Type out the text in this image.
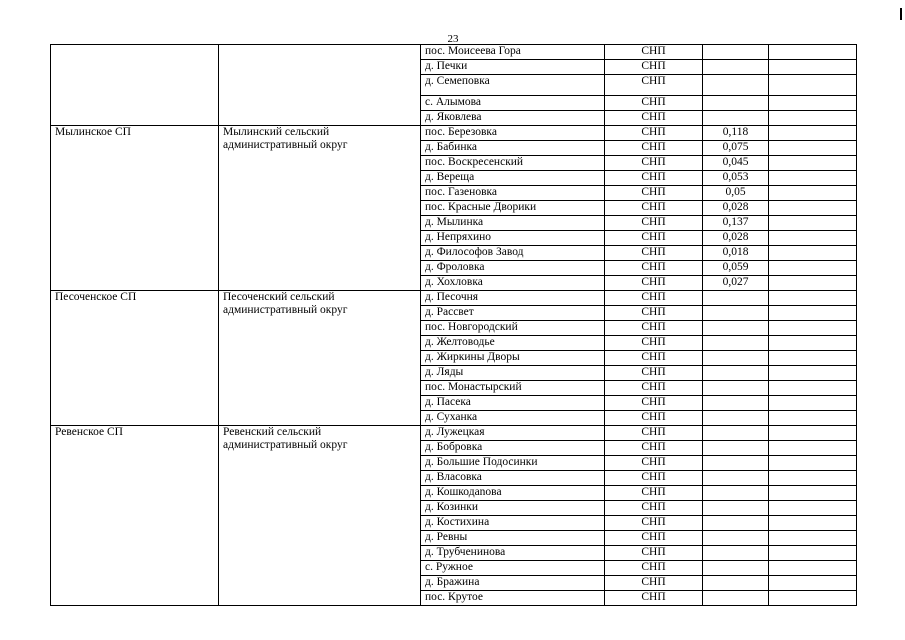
23
		пос. Моисеева Гора	СНП			
		д. Печки	СНП			
		д. Семеповка	СНП			
		с. Алымова	СНП			
		д. Яковлева	СНП			
Мылинское СП	Мылинский сельский административный округ	пос. Березовка	СНП	0,118		
		д. Бабинка	СНП	0,075		
		пос. Воскресенский	СНП	0,045		
		д. Вереща	СНП	0,053		
		пос. Газеновка	СНП	0,05		
		пос. Красные Дворики	СНП	0,028		
		д. Мылинка	СНП	0,137		
		д. Непряхино	СНП	0,028		
		д. Философов Завод	СНП	0,018		
		д. Фроловка	СНП	0,059		
		д. Хохловка	СНП	0,027		
Песоченское СП	Песоченский сельский административный округ	д. Песочня	СНП			
		д. Рассвет	СНП			
		пос. Новгородский	СНП			
		д. Желтоводье	СНП			
		д. Жиркины Дворы	СНП			
		д. Ляды	СНП			
		пос. Монастырский	СНП			
		д. Пасека	СНП			
		д. Суханка	СНП			
Ревенское СП	Ревенский сельский административный округ	д. Лужецкая	СНП			
		д. Бобровка	СНП			
		д. Большие Подосинки	СНП			
		д. Власовка	СНП			
		д. Кошкодanова	СНП			
		д. Козинки	СНП			
		д. Костихина	СНП			
		д. Ревны	СНП			
		д. Трубченинова	СНП			
		с. Ружное	СНП			
		д. Бражина	СНП			
		пос. Крутое	СНП			
